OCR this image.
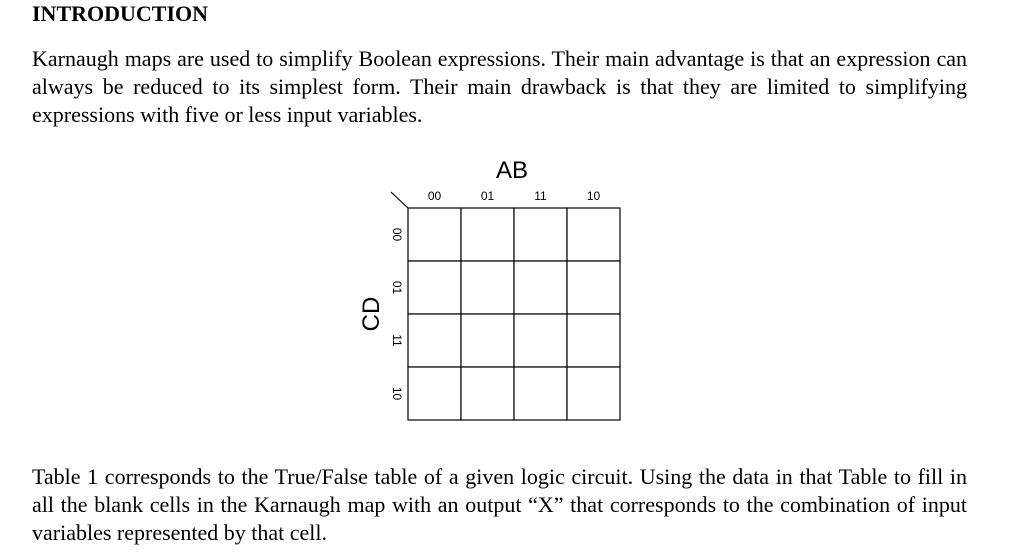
INTRODUCTION

Karnaugh maps are used to simplify Boolean expressions. Their main advantage is that an expression can always be reduced to its simplest form. Their main drawback is that they are limited to simplifying expressions with five or less input variables.

AB
CD
00	01	11	10
00
01
11
10

Table 1 corresponds to the True/False table of a given logic circuit. Using the data in that Table to fill in all the blank cells in the Karnaugh map with an output “X” that corresponds to the combination of input variables represented by that cell.
